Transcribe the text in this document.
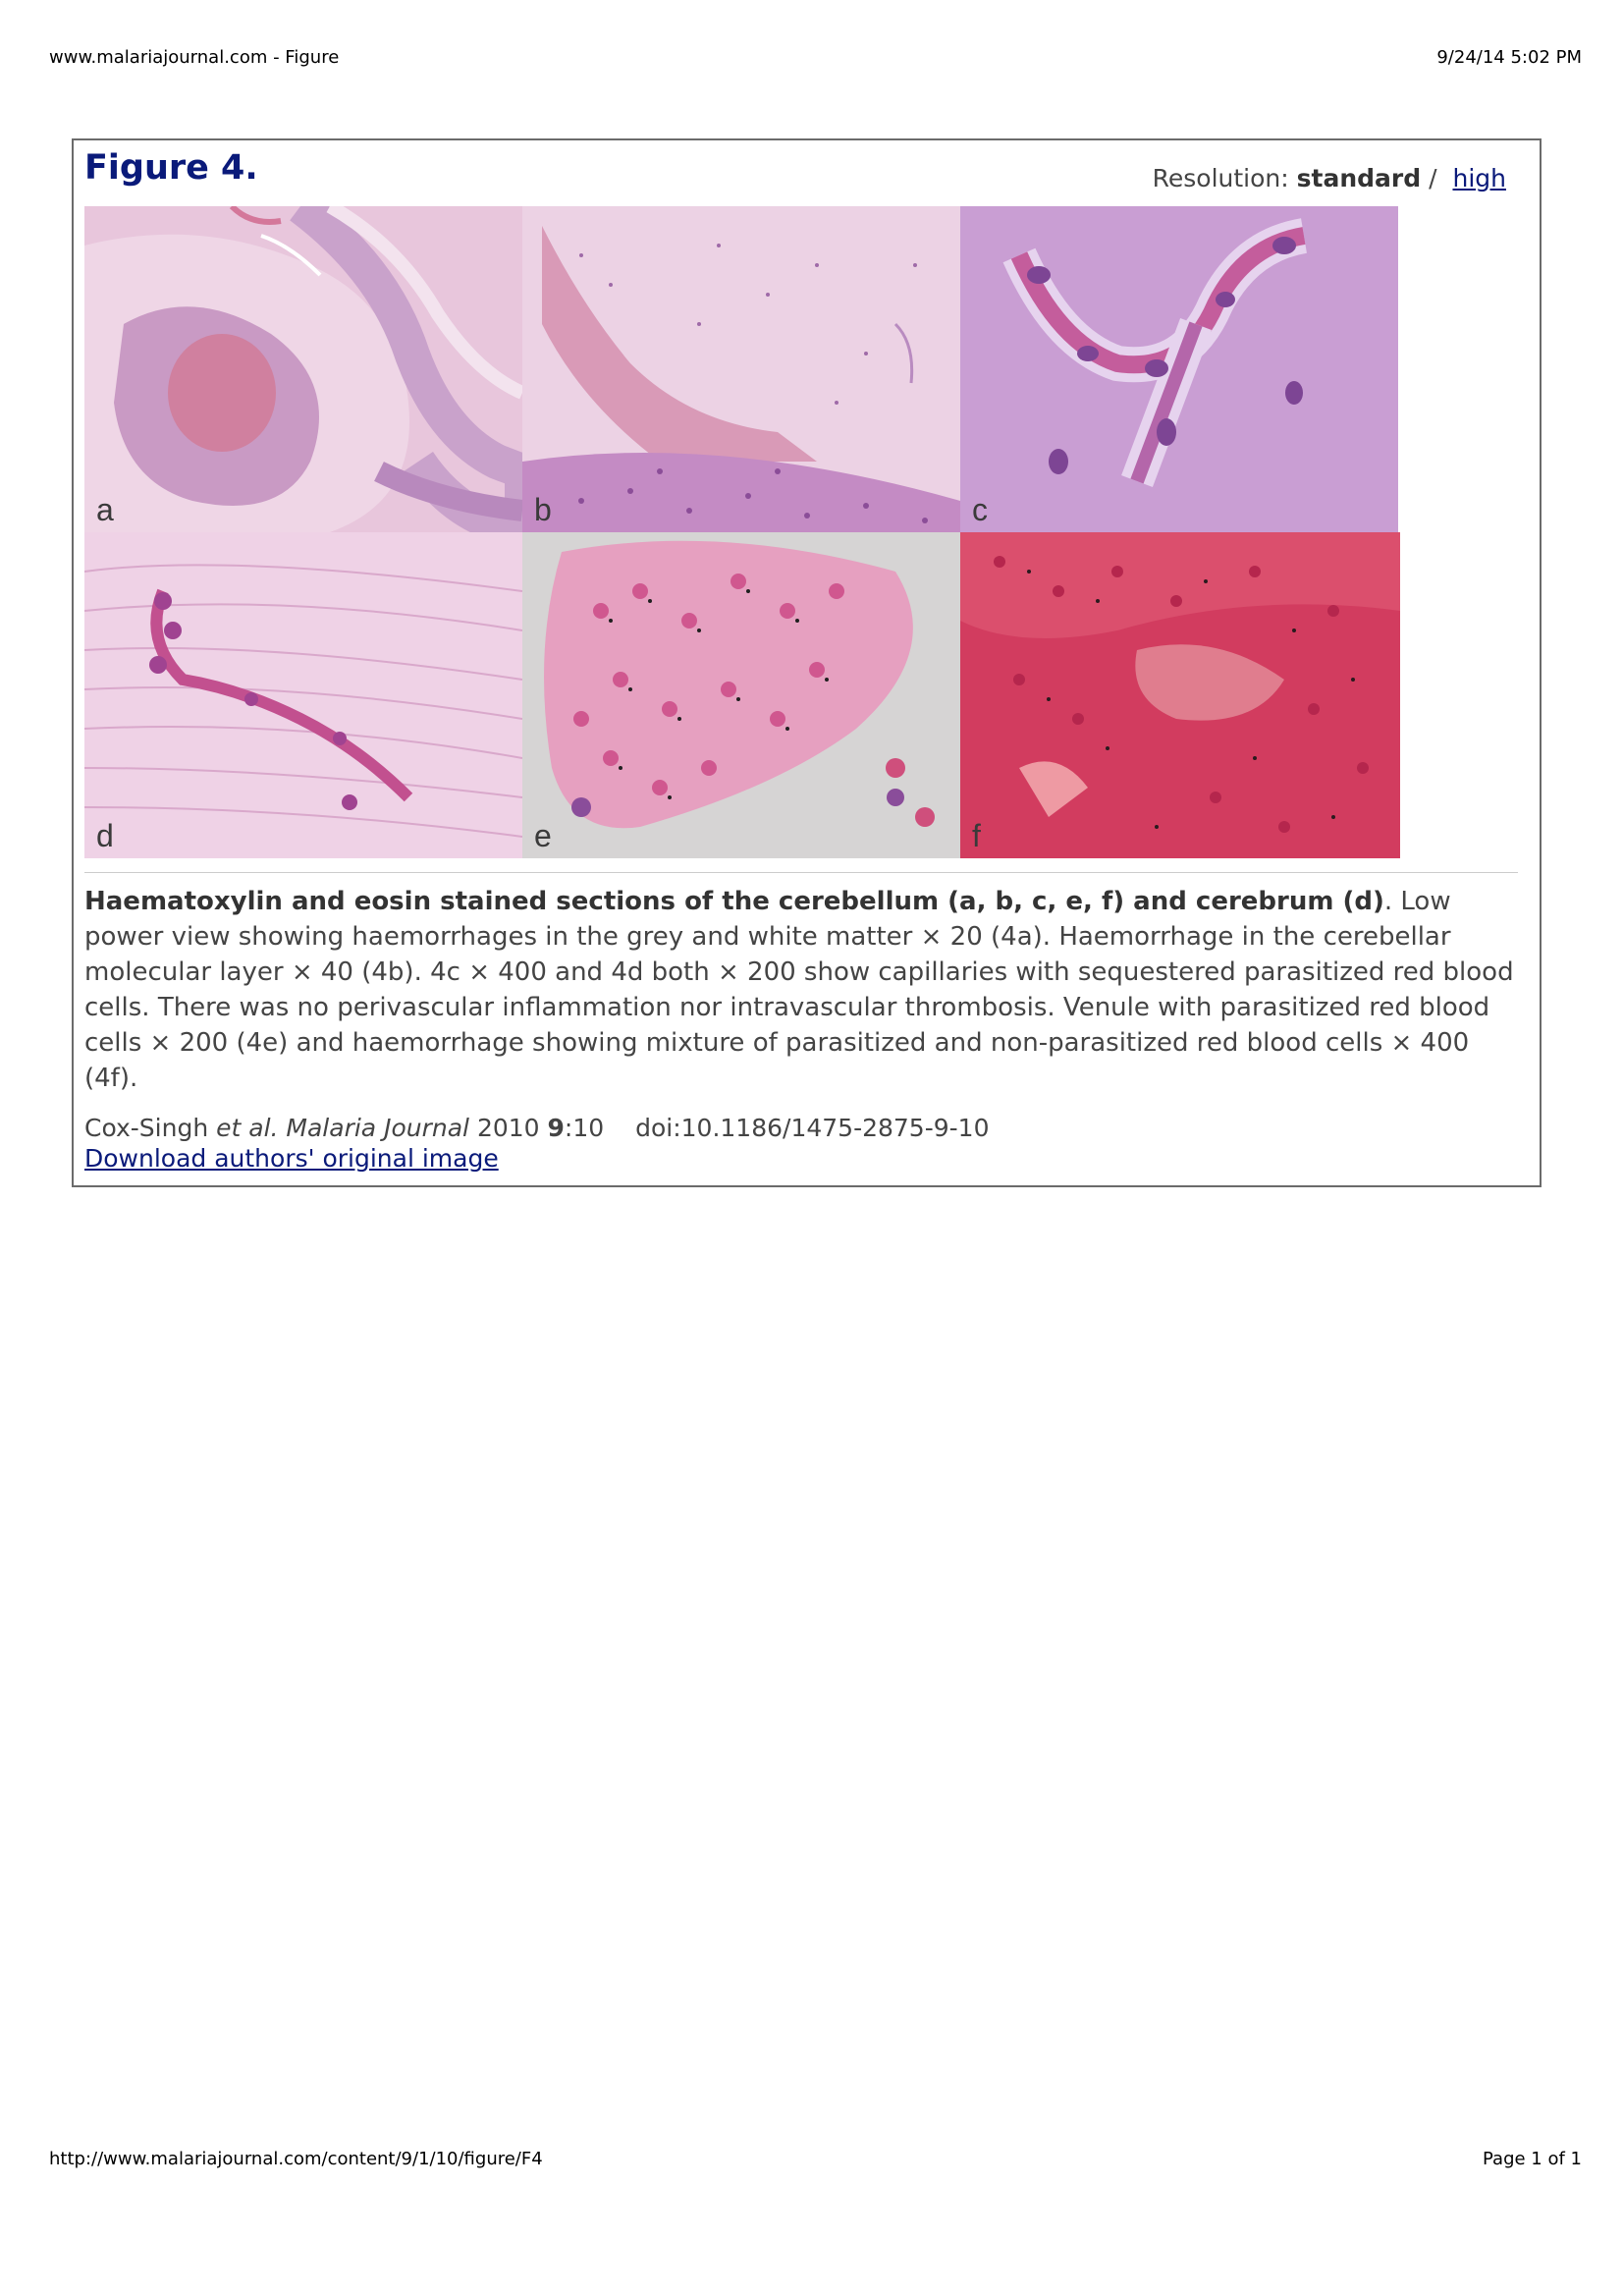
www.malariajournal.com - Figure	9/24/14 5:02 PM
Figure 4.	Resolution: standard / high
a	b	c
d	e	f

Haematoxylin and eosin stained sections of the cerebellum (a, b, c, e, f) and cerebrum (d). Low power view showing haemorrhages in the grey and white matter × 20 (4a). Haemorrhage in the cerebellar molecular layer × 40 (4b). 4c × 400 and 4d both × 200 show capillaries with sequestered parasitized red blood cells. There was no perivascular inflammation nor intravascular thrombosis. Venule with parasitized red blood cells × 200 (4e) and haemorrhage showing mixture of parasitized and non-parasitized red blood cells × 400 (4f).

Cox-Singh et al. Malaria Journal 2010 9:10 doi:10.1186/1475-2875-9-10
Download authors' original image
http://www.malariajournal.com/content/9/1/10/figure/F4	Page 1 of 1
